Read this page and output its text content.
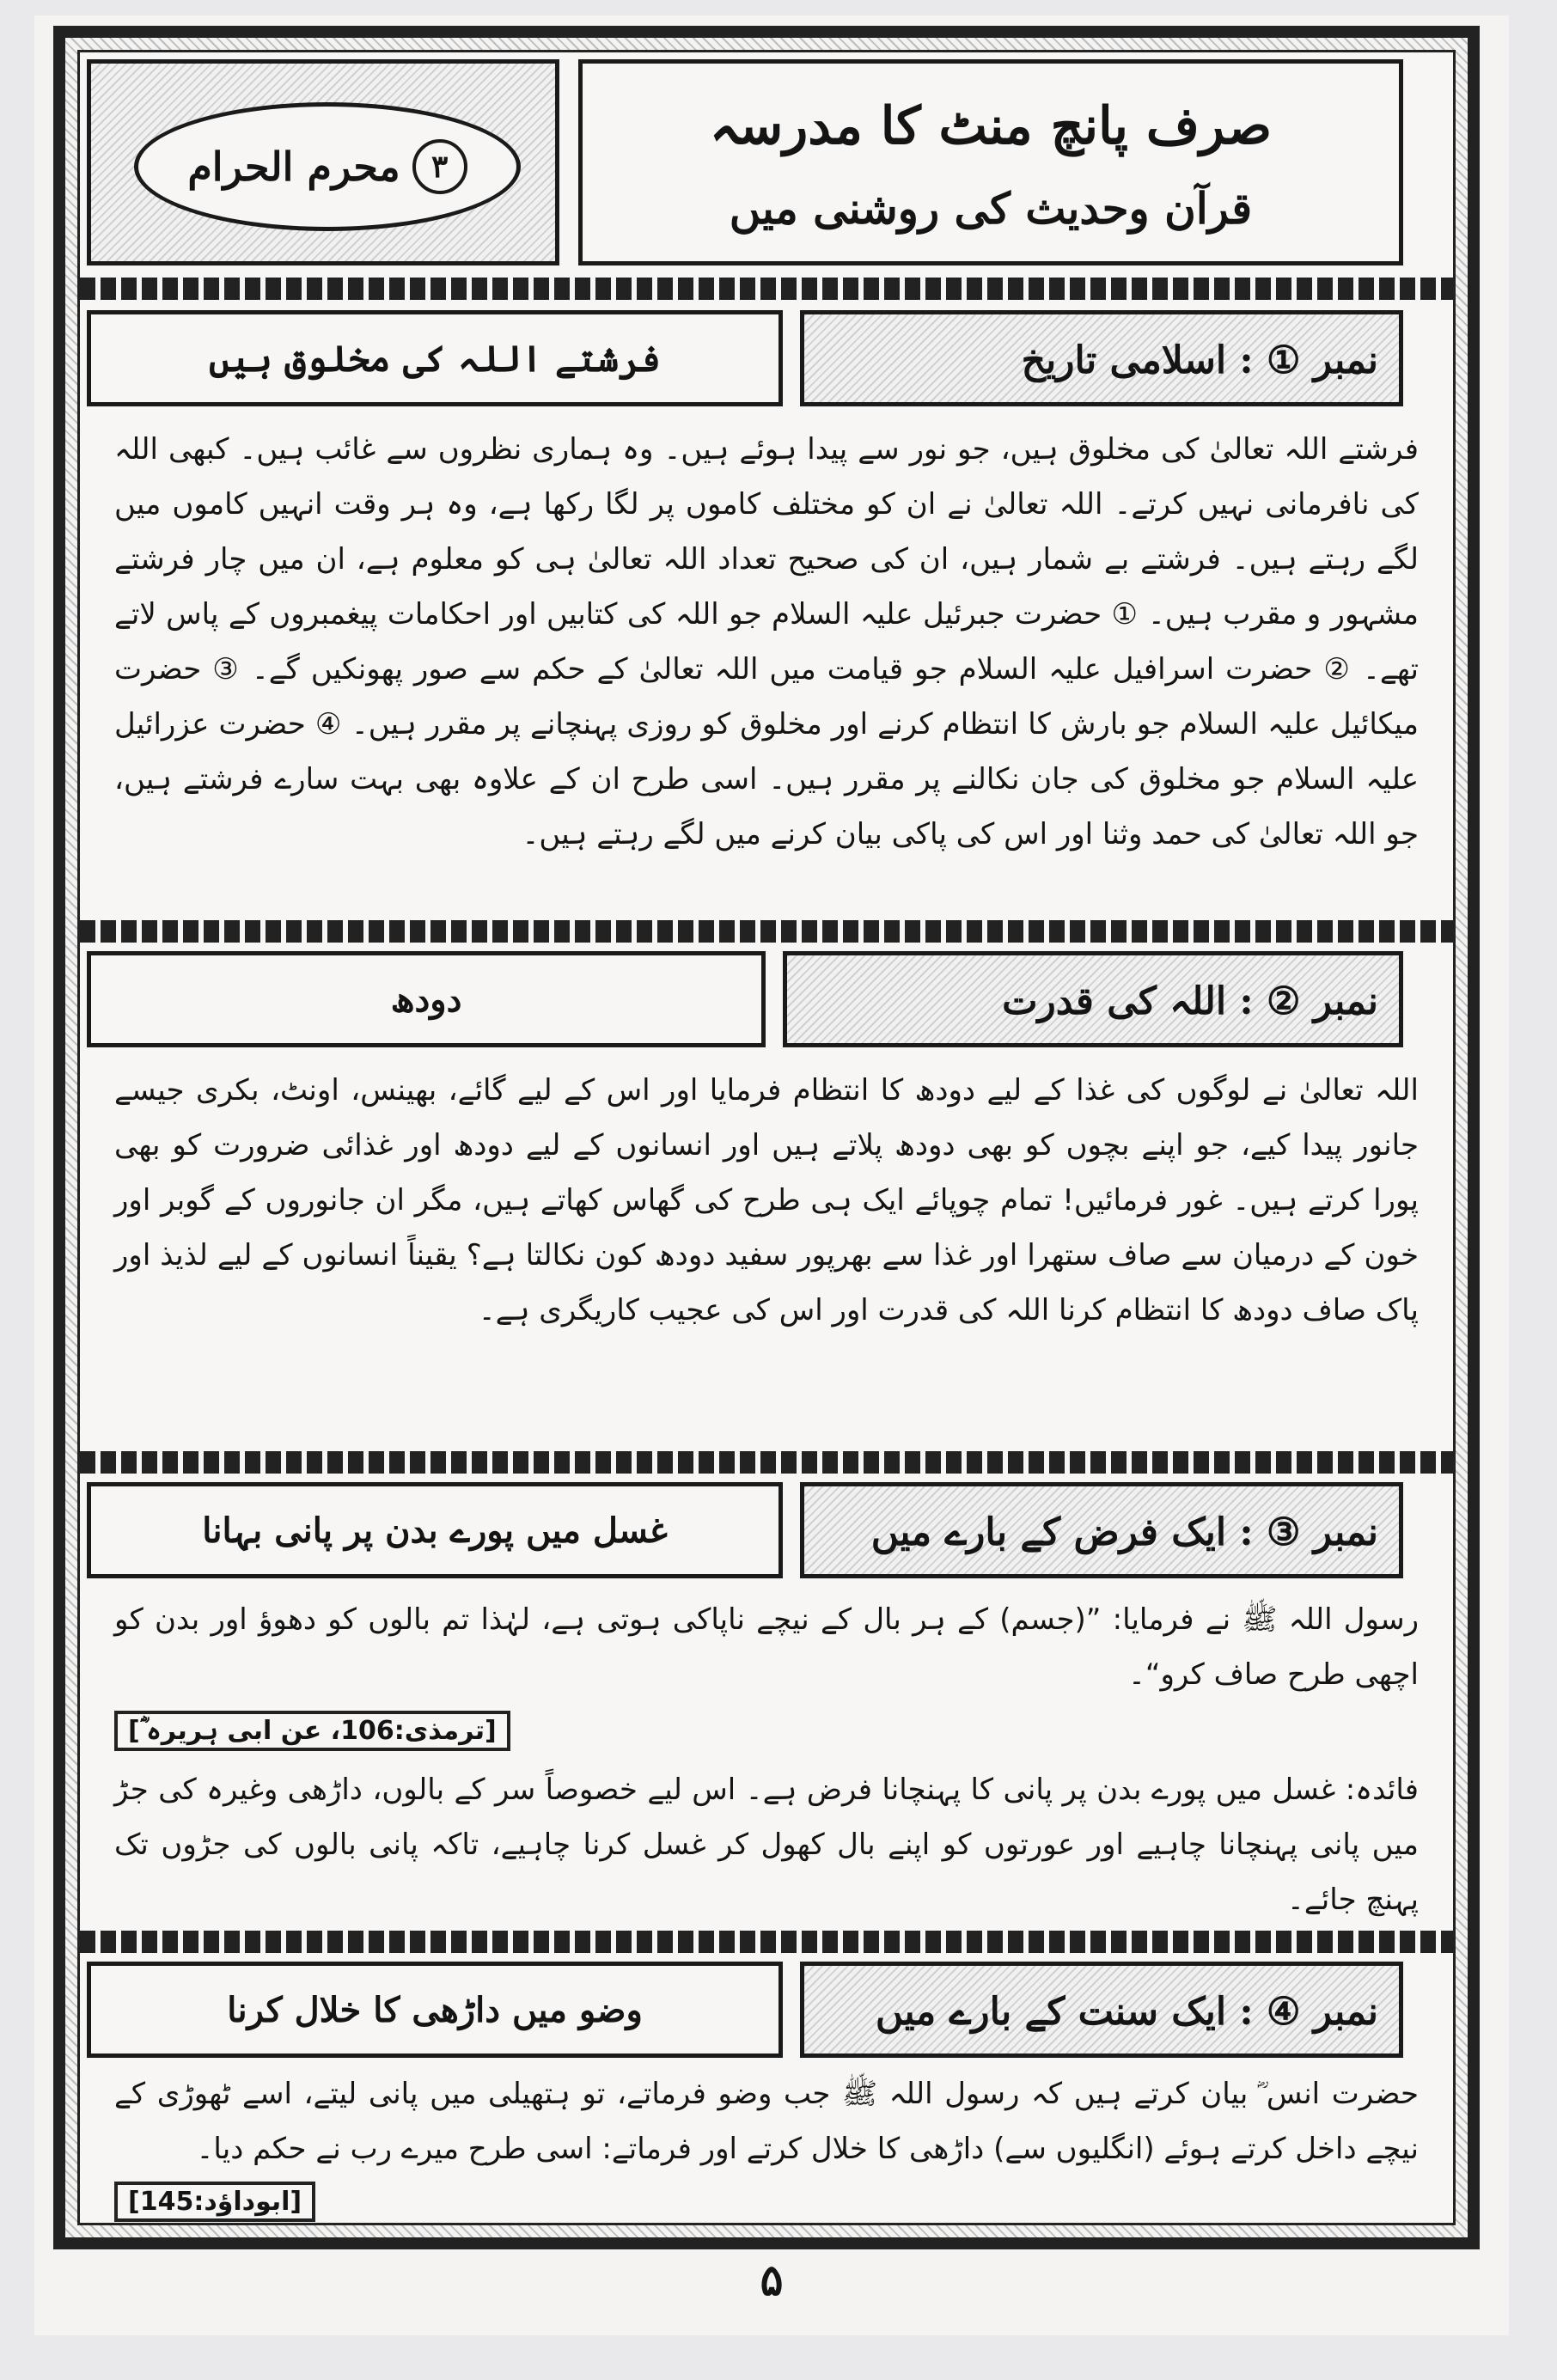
۳
محرم الحرام
صرف پانچ منٹ کا مدرسہ
قرآن وحدیث کی روشنی میں
فرشتے اللہ کی مخلوق ہیں	نمبر ① : اسلامی تاریخ
فرشتے اللہ تعالیٰ کی مخلوق ہیں، جو نور سے پیدا ہوئے ہیں۔ وہ ہماری نظروں سے غائب ہیں۔ کبھی اللہ کی نافرمانی نہیں کرتے۔ اللہ تعالیٰ نے ان کو مختلف کاموں پر لگا رکھا ہے، وہ ہر وقت انہیں کاموں میں لگے رہتے ہیں۔ فرشتے بے شمار ہیں، ان کی صحیح تعداد اللہ تعالیٰ ہی کو معلوم ہے، ان میں چار فرشتے مشہور و مقرب ہیں۔ ① حضرت جبرئیل علیہ السلام جو اللہ کی کتابیں اور احکامات پیغمبروں کے پاس لاتے تھے۔ ② حضرت اسرافیل علیہ السلام جو قیامت میں اللہ تعالیٰ کے حکم سے صور پھونکیں گے۔ ③ حضرت میکائیل علیہ السلام جو بارش کا انتظام کرنے اور مخلوق کو روزی پہنچانے پر مقرر ہیں۔ ④ حضرت عزرائیل علیہ السلام جو مخلوق کی جان نکالنے پر مقرر ہیں۔ اسی طرح ان کے علاوہ بھی بہت سارے فرشتے ہیں، جو اللہ تعالیٰ کی حمد وثنا اور اس کی پاکی بیان کرنے میں لگے رہتے ہیں۔
دودھ	نمبر ② : اللہ کی قدرت
اللہ تعالیٰ نے لوگوں کی غذا کے لیے دودھ کا انتظام فرمایا اور اس کے لیے گائے، بھینس، اونٹ، بکری جیسے جانور پیدا کیے، جو اپنے بچوں کو بھی دودھ پلاتے ہیں اور انسانوں کے لیے دودھ اور غذائی ضرورت کو بھی پورا کرتے ہیں۔ غور فرمائیں! تمام چوپائے ایک ہی طرح کی گھاس کھاتے ہیں، مگر ان جانوروں کے گوبر اور خون کے درمیان سے صاف ستھرا اور غذا سے بھرپور سفید دودھ کون نکالتا ہے؟ یقیناً انسانوں کے لیے لذیذ اور پاک صاف دودھ کا انتظام کرنا اللہ کی قدرت اور اس کی عجیب کاریگری ہے۔
غسل میں پورے بدن پر پانی بہانا	نمبر ③ : ایک فرض کے بارے میں
رسول اللہ ﷺ نے فرمایا: ”(جسم) کے ہر بال کے نیچے ناپاکی ہوتی ہے، لہٰذا تم بالوں کو دھوؤ اور بدن کو اچھی طرح صاف کرو“۔
[ترمذی:106، عن ابی ہریرہ ؓ]
فائدہ: غسل میں پورے بدن پر پانی کا پہنچانا فرض ہے۔ اس لیے خصوصاً سر کے بالوں، داڑھی وغیرہ کی جڑ میں پانی پہنچانا چاہیے اور عورتوں کو اپنے بال کھول کر غسل کرنا چاہیے، تاکہ پانی بالوں کی جڑوں تک پہنچ جائے۔
وضو میں داڑھی کا خلال کرنا	نمبر ④ : ایک سنت کے بارے میں
حضرت انس ؓ بیان کرتے ہیں کہ رسول اللہ ﷺ جب وضو فرماتے، تو ہتھیلی میں پانی لیتے، اسے ٹھوڑی کے نیچے داخل کرتے ہوئے (انگلیوں سے) داڑھی کا خلال کرتے اور فرماتے: اسی طرح میرے رب نے حکم دیا۔
[ابوداؤد:145]
۵
